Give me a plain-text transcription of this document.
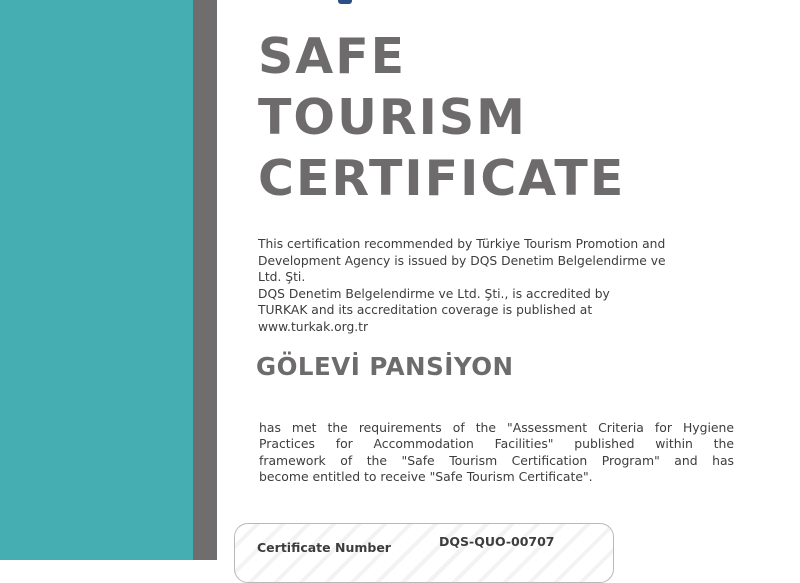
SAFE
TOURISM
CERTIFICATE

This certification recommended by Türkiye Tourism Promotion and
Development Agency is issued by DQS Denetim Belgelendirme ve
Ltd. Şti.
DQS Denetim Belgelendirme ve Ltd. Şti., is accredited by
TURKAK and its accreditation coverage is published at
www.turkak.org.tr

GÖLEVİ PANSİYON

has met the requirements of the "Assessment Criteria for Hygiene
Practices for Accommodation Facilities" published within the
framework of the "Safe Tourism Certification Program" and has
become entitled to receive "Safe Tourism Certificate".

Certificate Number	DQS-QUO-00707
